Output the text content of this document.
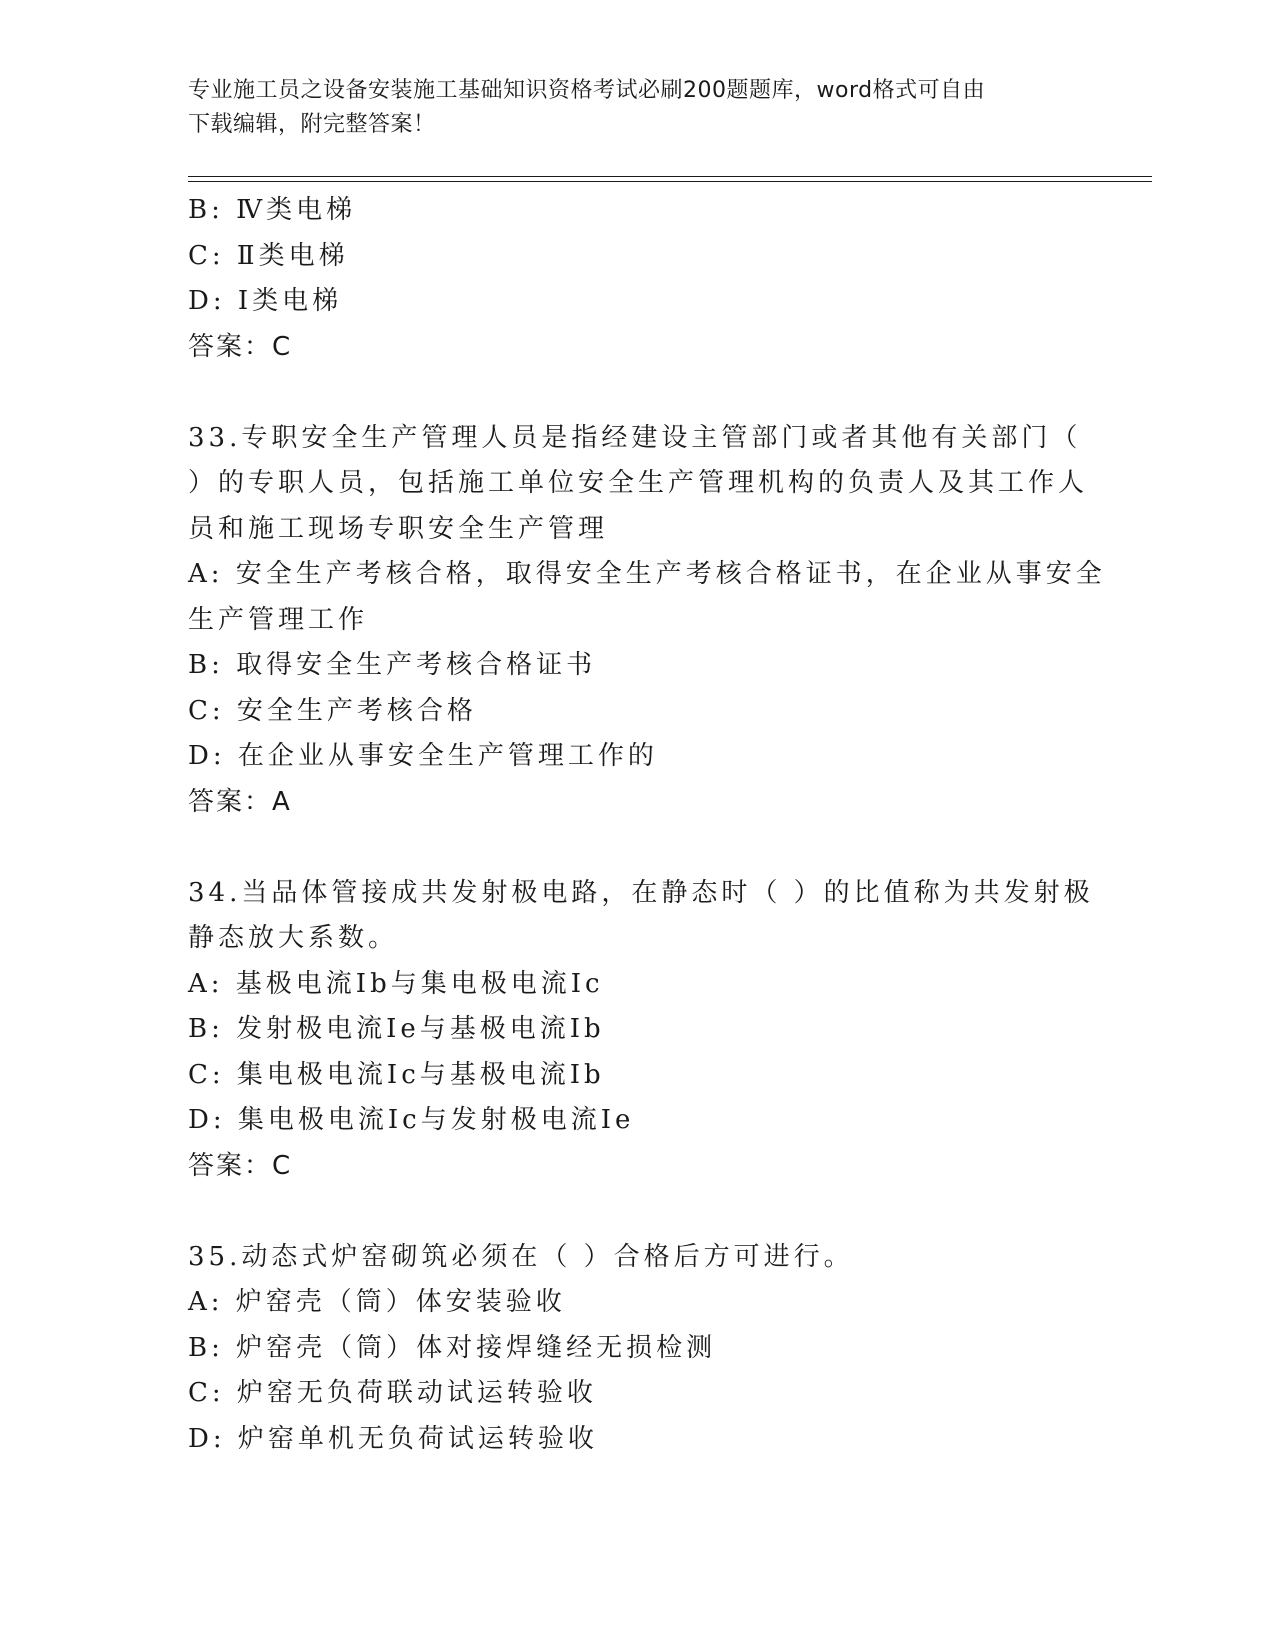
专业施工员之设备安装施工基础知识资格考试必刷200题题库，word格式可自由
下载编辑，附完整答案！
B: Ⅳ类电梯
C: Ⅱ类电梯
D: Ⅰ类电梯
答案：C
33.专职安全生产管理人员是指经建设主管部门或者其他有关部门（
）的专职人员，包括施工单位安全生产管理机构的负责人及其工作人
员和施工现场专职安全生产管理
A: 安全生产考核合格，取得安全生产考核合格证书，在企业从事安全
生产管理工作
B: 取得安全生产考核合格证书
C: 安全生产考核合格
D: 在企业从事安全生产管理工作的
答案：A
34.当品体管接成共发射极电路，在静态时（ ）的比值称为共发射极
静态放大系数。
A: 基极电流Ib与集电极电流Ic
B: 发射极电流Ie与基极电流Ib
C: 集电极电流Ic与基极电流Ib
D: 集电极电流Ic与发射极电流Ie
答案：C
35.动态式炉窑砌筑必须在（ ）合格后方可进行。
A: 炉窑壳（筒）体安装验收
B: 炉窑壳（筒）体对接焊缝经无损检测
C: 炉窑无负荷联动试运转验收
D: 炉窑单机无负荷试运转验收
